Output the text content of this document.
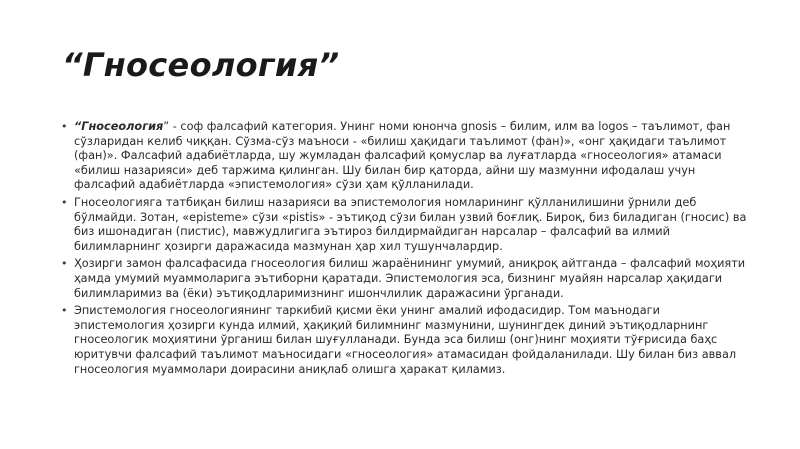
“Гносеология”
• “Гносеология” - соф фалсафий категория. Унинг номи юнонча gnosis – билим, илм ва logos – таълимот, фан сўзларидан келиб чиққан. Сўзма-сўз маъноси - «билиш ҳақидаги таълимот (фан)», «онг ҳақидаги таълимот (фан)». Фалсафий адабиётларда, шу жумладан фалсафий қомуслар ва луғатларда «гносеология» атамаси «билиш назарияси» деб таржима қилинган. Шу билан бир қаторда, айни шу мазмунни ифодалаш учун фалсафий адабиётларда «эпистемология» сўзи ҳам қўлланилади.
• Гносеологияга татбиқан билиш назарияси ва эпистемология номларининг қўлланилишини ўрнили деб бўлмайди. Зотан, «episteme» сўзи «pistis» - эътиқод сўзи билан узвий боғлиқ. Бироқ, биз биладиган (гносис) ва биз ишонадиган (пистис), мавжудлигига эътироз билдирмайдиган нарсалар – фалсафий ва илмий билимларнинг ҳозирги даражасида мазмунан ҳар хил тушунчалардир.
• Ҳозирги замон фалсафасида гносеология билиш жараёнининг умумий, аниқроқ айтганда – фалсафий моҳияти ҳамда умумий муаммоларига эътиборни қаратади. Эпистемология эса, бизнинг муайян нарсалар ҳақидаги билимларимиз ва (ёки) эътиқодларимизнинг ишончлилик даражасини ўрганади.
• Эпистемология гносеологиянинг таркибий қисми ёки унинг амалий ифодасидир. Том маънодаги эпистемология ҳозирги кунда илмий, ҳақиқий билимнинг мазмунини, шунингдек диний эътиқодларнинг гносеологик моҳиятини ўрганиш билан шуғулланади. Бунда эса билиш (онг)нинг моҳияти тўғрисида баҳс юритувчи фалсафий таълимот маъносидаги «гносеология» атамасидан фойдаланилади. Шу билан биз аввал гносеология муаммолари доирасини аниқлаб олишга ҳаракат қиламиз.
